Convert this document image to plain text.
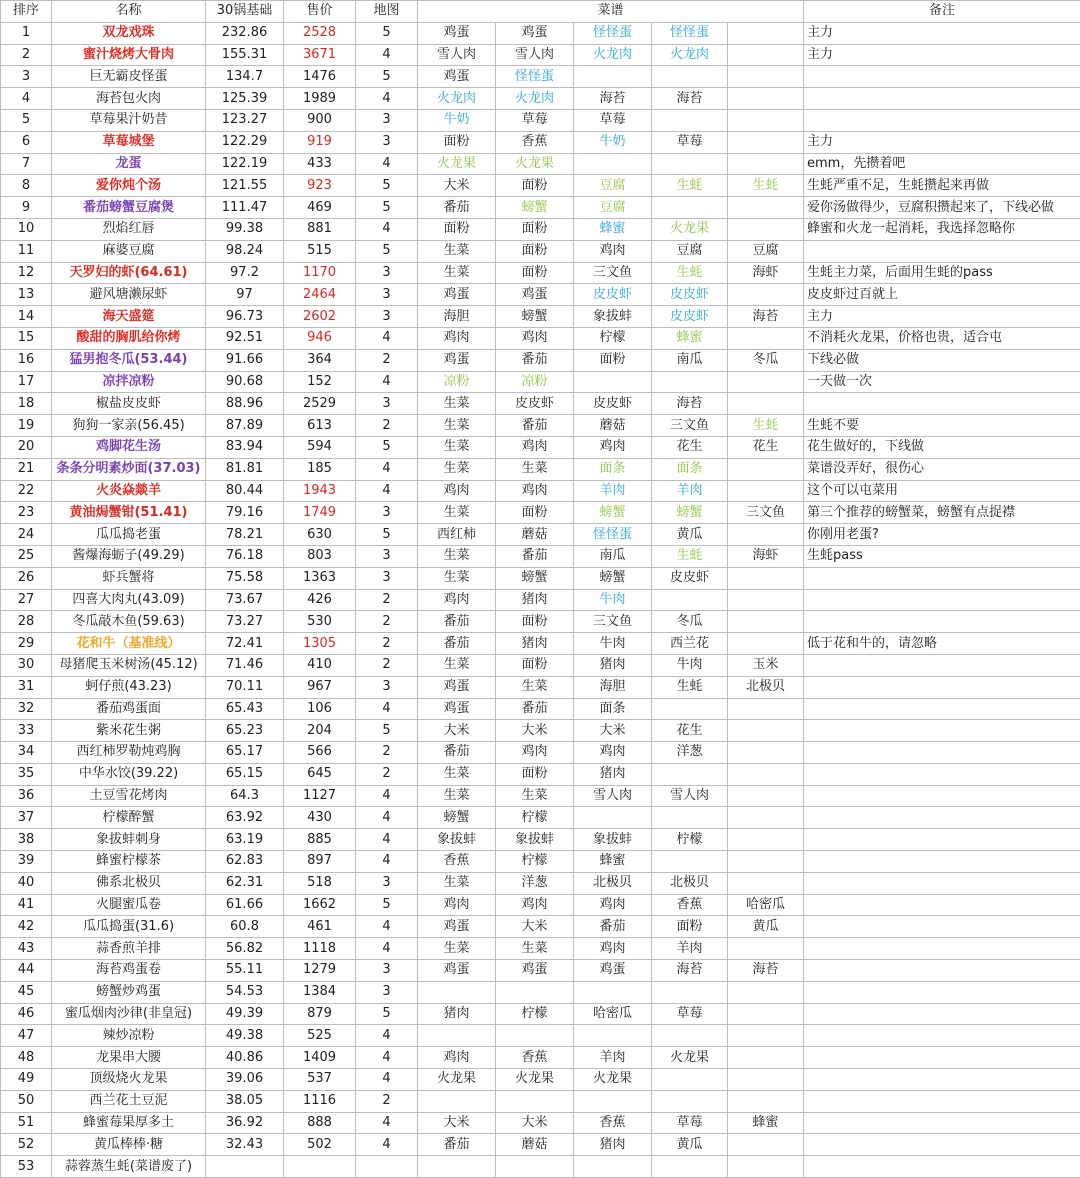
排序	名称	30锅基础	售价	地图	菜谱					备注
1	双龙戏珠	232.86	2528	5	鸡蛋	鸡蛋	怪怪蛋	怪怪蛋		主力
2	蜜汁烧烤大骨肉	155.31	3671	4	雪人肉	雪人肉	火龙肉	火龙肉		主力
3	巨无霸皮怪蛋	134.7	1476	5	鸡蛋	怪怪蛋				
4	海苔包火肉	125.39	1989	4	火龙肉	火龙肉	海苔	海苔		
5	草莓果汁奶昔	123.27	900	3	牛奶	草莓	草莓			
6	草莓城堡	122.29	919	3	面粉	香蕉	牛奶	草莓		主力
7	龙蛋	122.19	433	4	火龙果	火龙果				emm，先攒着吧
8	爱你炖个汤	121.55	923	5	大米	面粉	豆腐	生蚝	生蚝	生蚝严重不足，生蚝攒起来再做
9	番茄螃蟹豆腐煲	111.47	469	5	番茄	螃蟹	豆腐			爱你汤做得少，豆腐积攒起来了，下线必做
10	烈焰红唇	99.38	881	4	面粉	面粉	蜂蜜	火龙果		蜂蜜和火龙一起消耗，我选择忽略你
11	麻婆豆腐	98.24	515	5	生菜	面粉	鸡肉	豆腐	豆腐	
12	天罗妇的虾(64.61)	97.2	1170	3	生菜	面粉	三文鱼	生蚝	海虾	生蚝主力菜，后面用生蚝的pass
13	避风塘濑尿虾	97	2464	3	鸡蛋	鸡蛋	皮皮虾	皮皮虾		皮皮虾过百就上
14	海天盛筵	96.73	2602	3	海胆	螃蟹	象拔蚌	皮皮虾	海苔	主力
15	酸甜的胸肌给你烤	92.51	946	4	鸡肉	鸡肉	柠檬	蜂蜜		不消耗火龙果，价格也贵，适合屯
16	猛男抱冬瓜(53.44)	91.66	364	2	鸡蛋	番茄	面粉	南瓜	冬瓜	下线必做
17	凉拌凉粉	90.68	152	4	凉粉	凉粉				一天做一次
18	椒盐皮皮虾	88.96	2529	3	生菜	皮皮虾	皮皮虾	海苔		
19	狗狗一家亲(56.45)	87.89	613	2	生菜	番茄	蘑菇	三文鱼	生蚝	生蚝不要
20	鸡脚花生汤	83.94	594	5	生菜	鸡肉	鸡肉	花生	花生	花生做好的，下线做
21	条条分明素炒面(37.03)	81.81	185	4	生菜	生菜	面条	面条		菜谱没弄好，很伤心
22	火炎焱燚羊	80.44	1943	4	鸡肉	鸡肉	羊肉	羊肉		这个可以屯菜用
23	黄油焗蟹钳(51.41)	79.16	1749	3	生菜	面粉	螃蟹	螃蟹	三文鱼	第三个推荐的螃蟹菜，螃蟹有点捉襟
24	瓜瓜捣老蛋	78.21	630	5	西红柿	蘑菇	怪怪蛋	黄瓜		你刚用老蛋?
25	酱爆海蛎子(49.29)	76.18	803	3	生菜	番茄	南瓜	生蚝	海虾	生蚝pass
26	虾兵蟹将	75.58	1363	3	生菜	螃蟹	螃蟹	皮皮虾		
27	四喜大肉丸(43.09)	73.67	426	2	鸡肉	猪肉	牛肉			
28	冬瓜敲木鱼(59.63)	73.27	530	2	番茄	面粉	三文鱼	冬瓜		
29	花和牛（基准线）	72.41	1305	2	番茄	猪肉	牛肉	西兰花		低于花和牛的，请忽略
30	母猪爬玉米树汤(45.12)	71.46	410	2	生菜	面粉	猪肉	牛肉	玉米	
31	蚵仔煎(43.23)	70.11	967	3	鸡蛋	生菜	海胆	生蚝	北极贝	
32	番茄鸡蛋面	65.43	106	4	鸡蛋	番茄	面条			
33	紫米花生粥	65.23	204	5	大米	大米	大米	花生		
34	西红柿罗勒炖鸡胸	65.17	566	2	番茄	鸡肉	鸡肉	洋葱		
35	中华水饺(39.22)	65.15	645	2	生菜	面粉	猪肉			
36	土豆雪花烤肉	64.3	1127	4	生菜	生菜	雪人肉	雪人肉		
37	柠檬醉蟹	63.92	430	4	螃蟹	柠檬				
38	象拔蚌刺身	63.19	885	4	象拔蚌	象拔蚌	象拔蚌	柠檬		
39	蜂蜜柠檬茶	62.83	897	4	香蕉	柠檬	蜂蜜			
40	佛系北极贝	62.31	518	3	生菜	洋葱	北极贝	北极贝		
41	火腿蜜瓜卷	61.66	1662	5	鸡肉	鸡肉	鸡肉	香蕉	哈密瓜	
42	瓜瓜捣蛋(31.6)	60.8	461	4	鸡蛋	大米	番茄	面粉	黄瓜	
43	蒜香煎羊排	56.82	1118	4	生菜	生菜	鸡肉	羊肉		
44	海苔鸡蛋卷	55.11	1279	3	鸡蛋	鸡蛋	鸡蛋	海苔	海苔	
45	螃蟹炒鸡蛋	54.53	1384	3						
46	蜜瓜烟肉沙律(非皇冠)	49.39	879	5	猪肉	柠檬	哈密瓜	草莓		
47	辣炒凉粉	49.38	525	4						
48	龙果串大腰	40.86	1409	4	鸡肉	香蕉	羊肉	火龙果		
49	顶级烧火龙果	39.06	537	4	火龙果	火龙果	火龙果			
50	西兰花土豆泥	38.05	1116	2						
51	蜂蜜莓果厚多土	36.92	888	4	大米	大米	香蕉	草莓	蜂蜜	
52	黄瓜棒棒·糖	32.43	502	4	番茄	蘑菇	猪肉	黄瓜		
53	蒜蓉蒸生蚝(菜谱废了)									
